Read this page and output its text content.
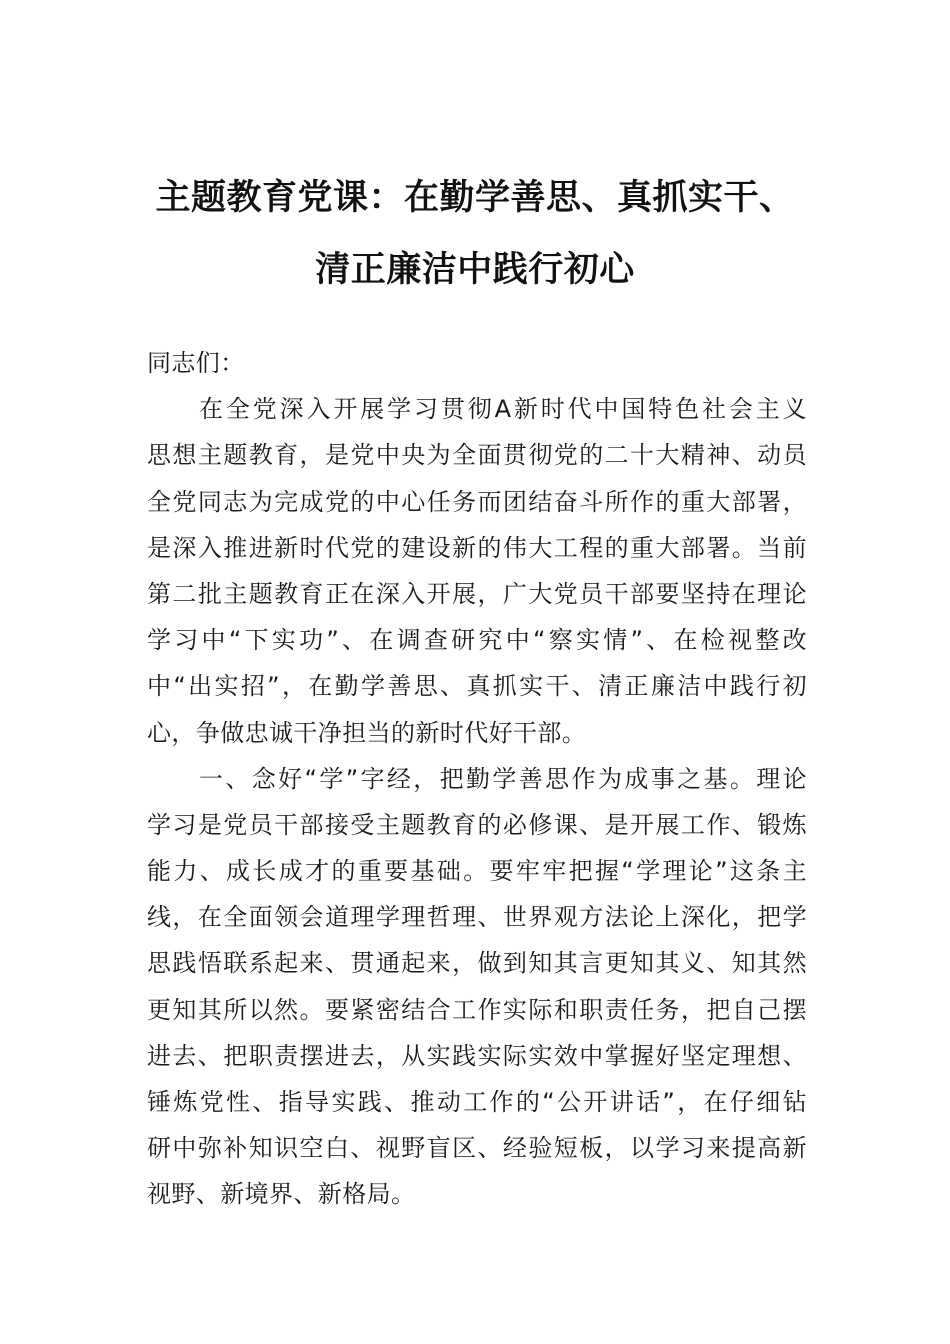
主题教育党课：在勤学善思、真抓实干、
清正廉洁中践行初心
同志们：
在全党深入开展学习贯彻A新时代中国特色社会主义
思想主题教育，是党中央为全面贯彻党的二十大精神、动员
全党同志为完成党的中心任务而团结奋斗所作的重大部署，
是深入推进新时代党的建设新的伟大工程的重大部署。当前
第二批主题教育正在深入开展，广大党员干部要坚持在理论
学习中“下实功”、在调查研究中“察实情”、在检视整改
中“出实招”，在勤学善思、真抓实干、清正廉洁中践行初
心，争做忠诚干净担当的新时代好干部。
一、念好“学”字经，把勤学善思作为成事之基。理论
学习是党员干部接受主题教育的必修课、是开展工作、锻炼
能力、成长成才的重要基础。要牢牢把握“学理论”这条主
线，在全面领会道理学理哲理、世界观方法论上深化，把学
思践悟联系起来、贯通起来，做到知其言更知其义、知其然
更知其所以然。要紧密结合工作实际和职责任务，把自己摆
进去、把职责摆进去，从实践实际实效中掌握好坚定理想、
锤炼党性、指导实践、推动工作的“公开讲话”，在仔细钻
研中弥补知识空白、视野盲区、经验短板，以学习来提高新
视野、新境界、新格局。
